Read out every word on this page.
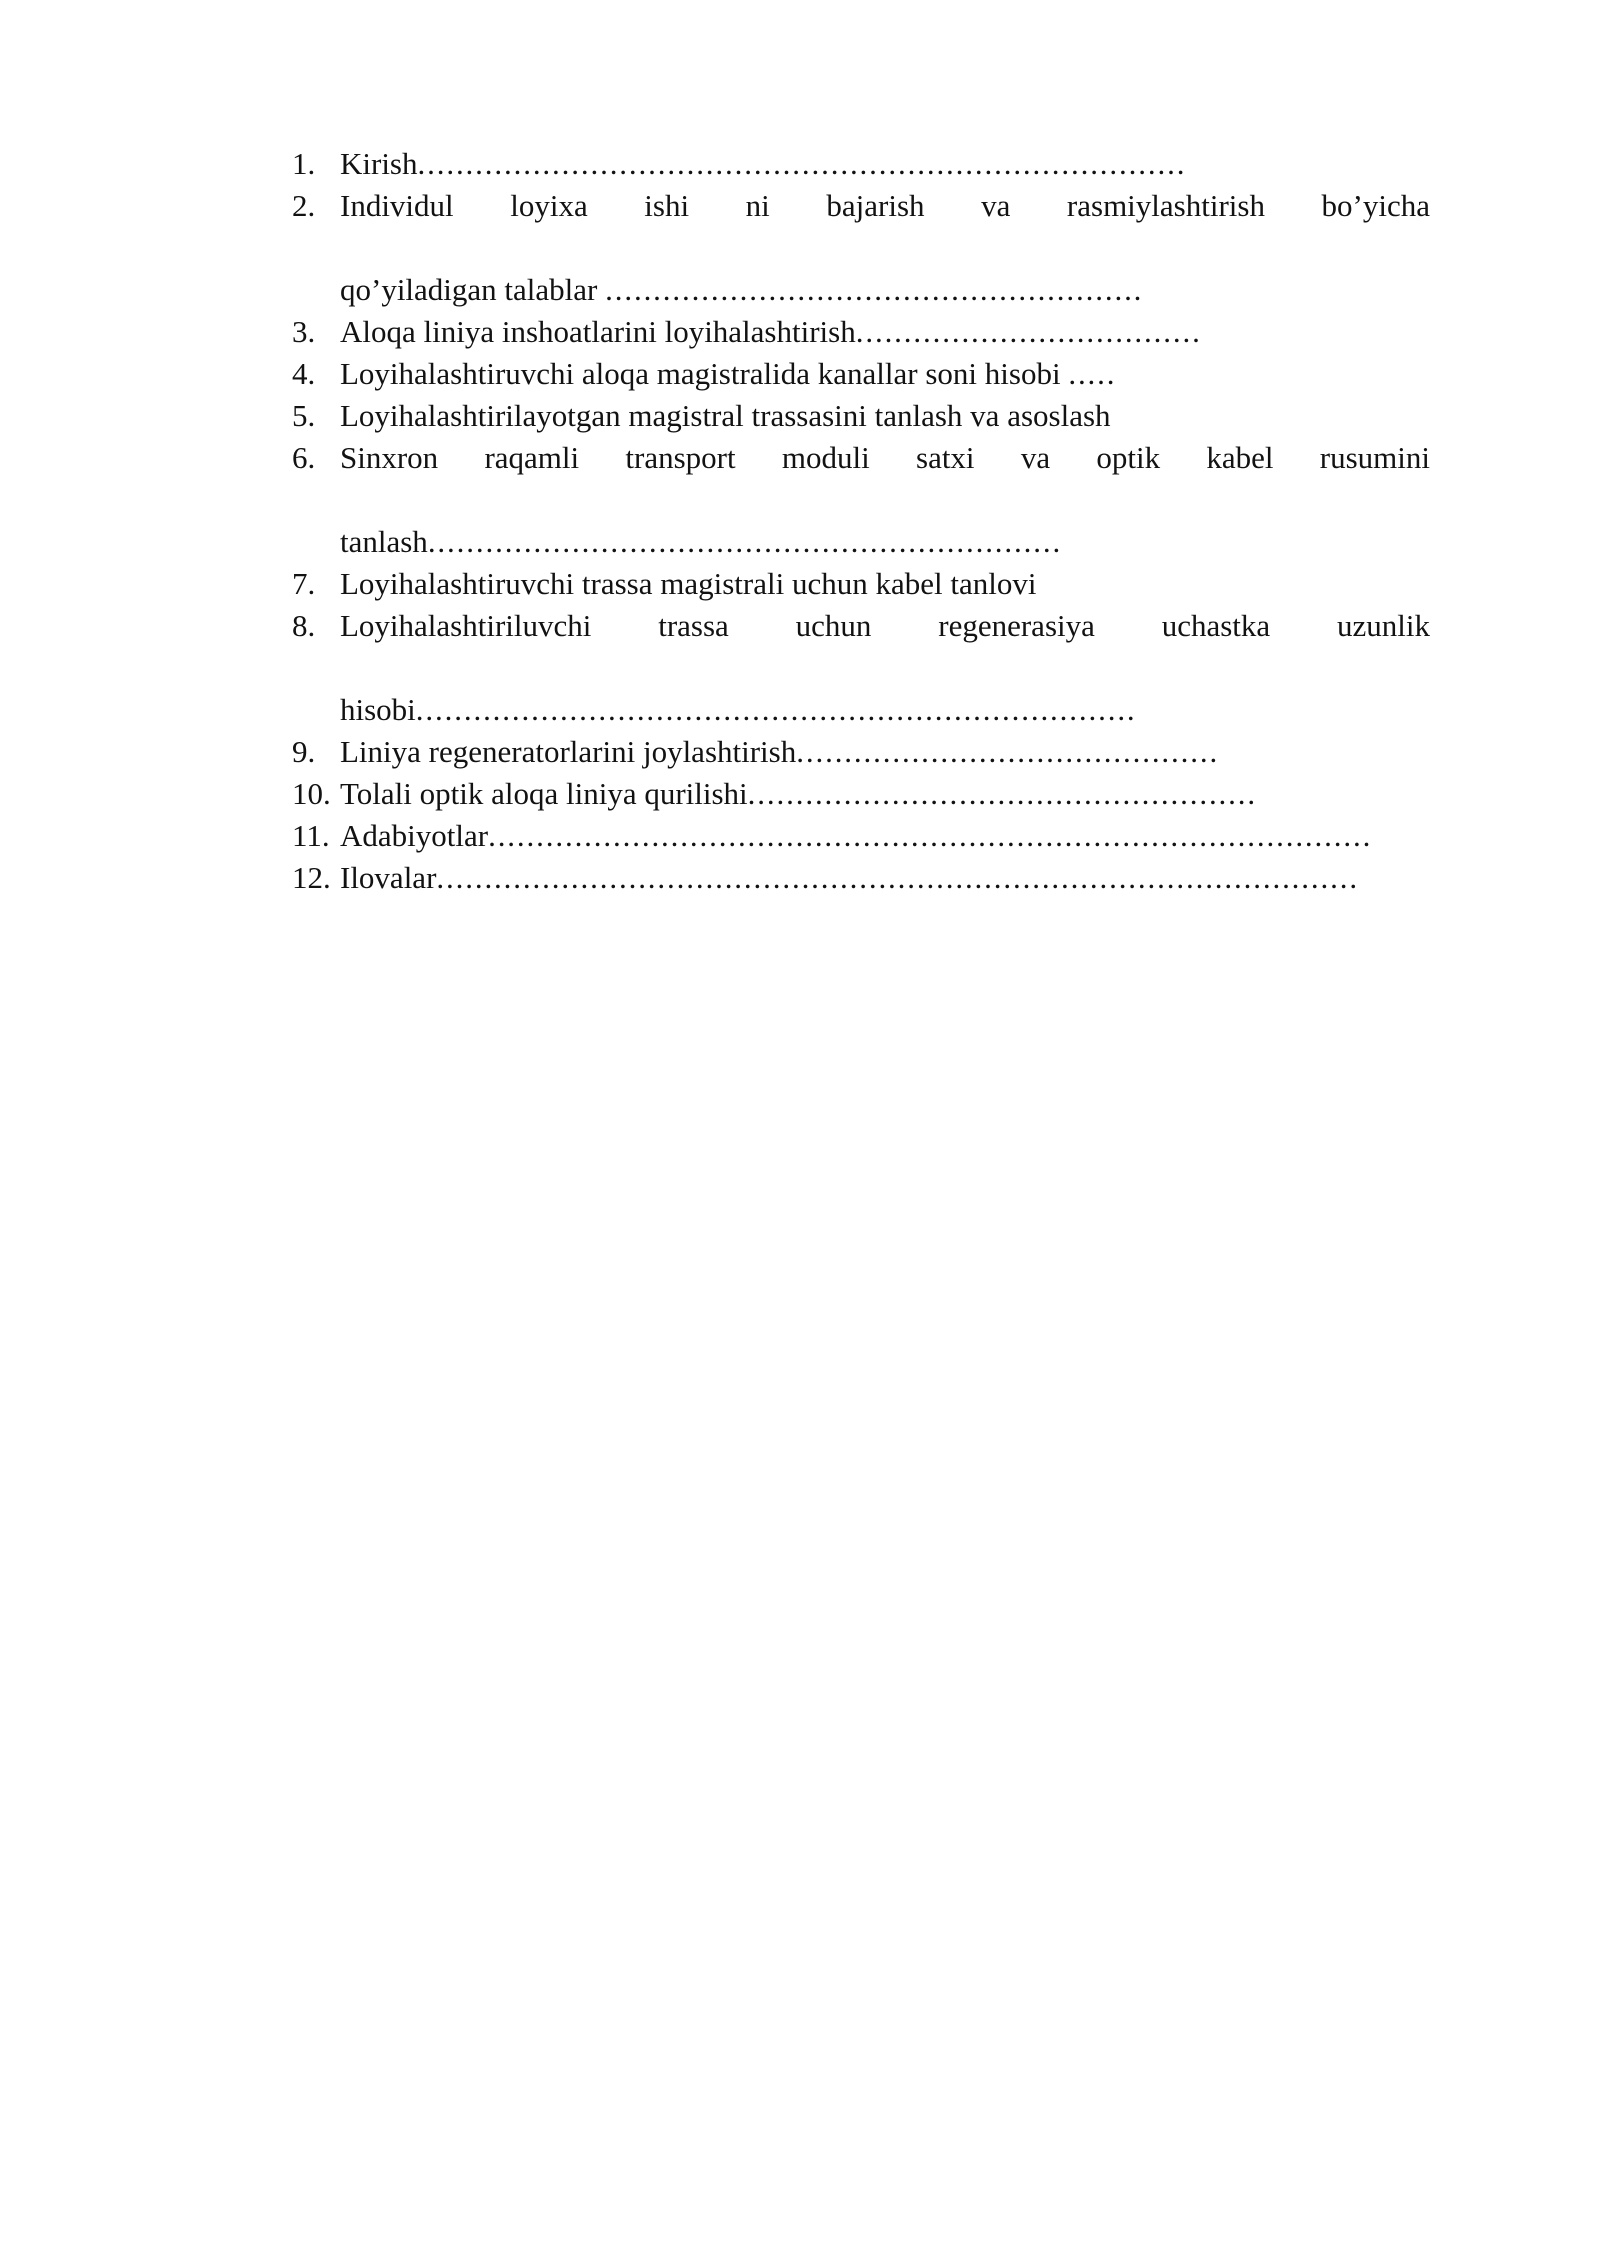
1. Kirish................................................................................

2. Individul loyixa ishi ni bajarish va rasmiylashtirish bo’yicha

qo’yiladigan talablar ........................................................

3. Aloqa liniya inshoatlarini loyihalashtirish....................................

4. Loyihalashtiruvchi aloqa magistralida kanallar soni hisobi .....

5. Loyihalashtirilayotgan magistral trassasini tanlash va asoslash

6. Sinxron raqamli transport moduli satxi va optik kabel rusumini

tanlash..................................................................

7. Loyihalashtiruvchi trassa magistrali uchun kabel tanlovi

8. Loyihalashtiriluvchi trassa uchun regenerasiya uchastka uzunlik

hisobi...........................................................................

9. Liniya regeneratorlarini joylashtirish............................................

10. Tolali optik aloqa liniya qurilishi.....................................................

11. Adabiyotlar............................................................................................

12. Ilovalar................................................................................................
